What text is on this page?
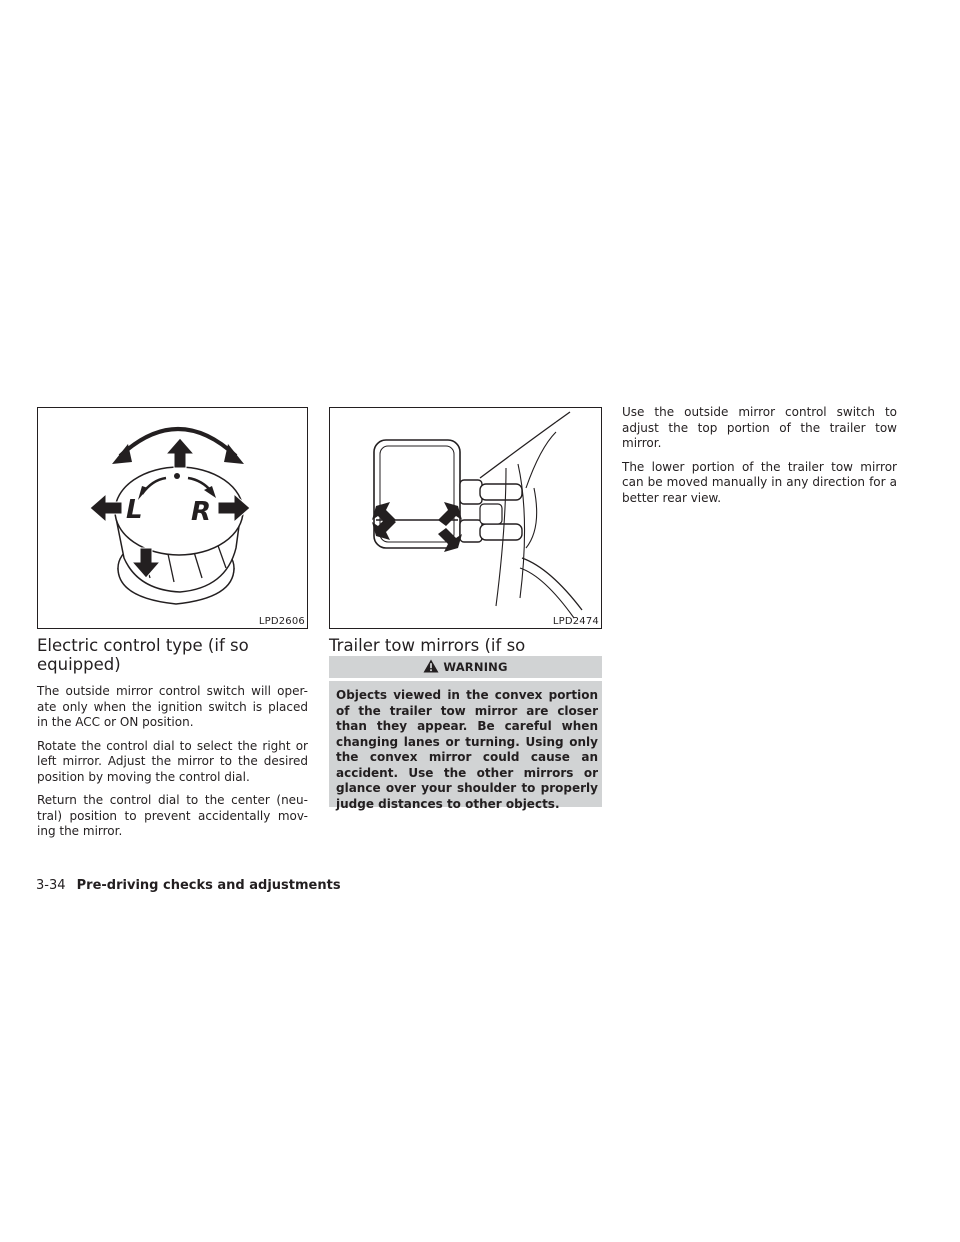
L R
LPD2606
Electric control type (if so equipped)

The outside mirror control switch will oper- ate only when the ignition switch is placed in the ACC or ON position.

Rotate the control dial to select the right or left mirror. Adjust the mirror to the desired position by moving the control dial.

Return the control dial to the center (neu- tral) position to prevent accidentally mov- ing the mirror.

LPD2474
Trailer tow mirrors (if so
WARNING
Objects viewed in the convex portion of the trailer tow mirror are closer than they appear. Be careful when changing lanes or turning. Using only the convex mirror could cause an accident. Use the other mirrors or glance over your shoulder to properly judge distances to other objects.

Use the outside mirror control switch to adjust the top portion of the trailer tow mirror.

The lower portion of the trailer tow mirror can be moved manually in any direction for a better rear view.

3-34 Pre-driving checks and adjustments
